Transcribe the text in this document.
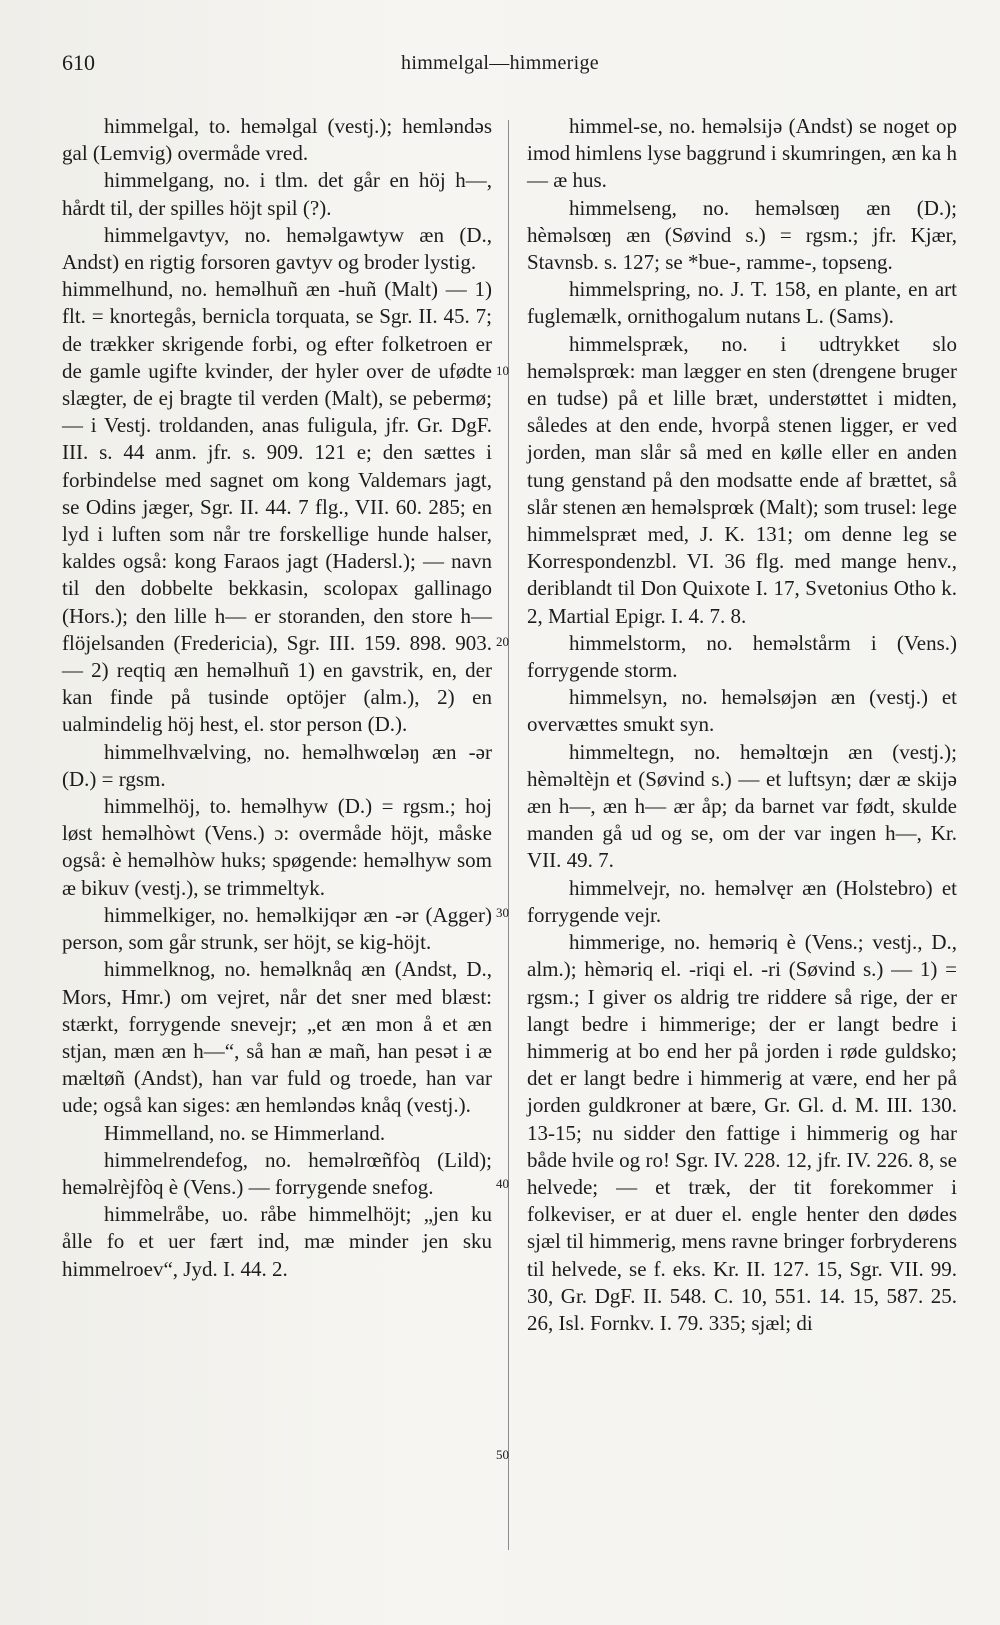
610	himmelgal—himmerige
10
20
30
40
50

himmelgal, to. hemәlgal (vestj.); hemlәndәs gal (Lemvig) overmåde vred.

himmelgang, no. i tlm. det går en höj h—, hårdt til, der spilles höjt spil (?).

himmelgavtyv, no. hemәlgawtyw æn (D., Andst) en rigtig forsoren gavtyv og broder lystig.

himmelhund, no. hemәlhuñ æn -huñ (Malt) — 1) flt. = knortegås, bernicla torquata, se Sgr. II. 45. 7; de trækker skrigende forbi, og efter folketroen er de gamle ugifte kvinder, der hyler over de ufødte slægter, de ej bragte til verden (Malt), se pebermø; — i Vestj. troldanden, anas fuligula, jfr. Gr. DgF. III. s. 44 anm. jfr. s. 909. 121 e; den sættes i forbindelse med sagnet om kong Valdemars jagt, se Odins jæger, Sgr. II. 44. 7 flg., VII. 60. 285; en lyd i luften som når tre forskellige hunde halser, kaldes også: kong Faraos jagt (Hadersl.); — navn til den dobbelte bekkasin, scolopax gallinago (Hors.); den lille h— er storanden, den store h— flöjelsanden (Fredericia), Sgr. III. 159. 898. 903. — 2) reqtiq æn hemәlhuñ 1) en gavstrik, en, der kan finde på tusinde optöjer (alm.), 2) en ualmindelig höj hest, el. stor person (D.).

himmelhvælving, no. hemәlhwœlәŋ æn -әr (D.) = rgsm.

himmelhöj, to. hemәlhyw (D.) = rgsm.; hoj løst hemәlhòwt (Vens.) ɔ: overmåde höjt, måske også: è hemәlhòw huks; spøgende: hemәlhyw som æ bikuv (vestj.), se trimmeltyk.

himmelkiger, no. hemәlkijqәr æn -әr (Agger) person, som går strunk, ser höjt, se kig-höjt.

himmelknog, no. hemәlknåq æn (Andst, D., Mors, Hmr.) om vejret, når det sner med blæst: stærkt, forrygende snevejr; „et æn mon å et æn stjan, mæn æn h—“, så han æ mañ, han pesәt i æ mæltøñ (Andst), han var fuld og troede, han var ude; også kan siges: æn hemlәndәs knåq (vestj.).

Himmelland, no. se Himmerland.

himmelrendefog, no. hemәlrœñfòq (Lild); hemәlrèjfòq è (Vens.) — forrygende snefog.

himmelråbe, uo. råbe himmelhöjt; „jen ku ålle fo et uer fært ind, mæ minder jen sku himmelroev“, Jyd. I. 44. 2.

himmel-se, no. hemәlsijә (Andst) se noget op imod himlens lyse baggrund i skumringen, æn ka h— æ hus.

himmelseng, no. hemәlsœŋ æn (D.); hèmәlsœŋ æn (Søvind s.) = rgsm.; jfr. Kjær, Stavnsb. s. 127; se *bue-, ramme-, topseng.

himmelspring, no. J. T. 158, en plante, en art fuglemælk, ornithogalum nutans L. (Sams).

himmelspræk, no. i udtrykket slo hemәlsprœk: man lægger en sten (drengene bruger en tudse) på et lille bræt, understøttet i midten, således at den ende, hvorpå stenen ligger, er ved jorden, man slår så med en kølle eller en anden tung genstand på den modsatte ende af brættet, så slår stenen æn hemәlsprœk (Malt); som trusel: lege himmelspræt med, J. K. 131; om denne leg se Korrespondenzbl. VI. 36 flg. med mange henv., deriblandt til Don Quixote I. 17, Svetonius Otho k. 2, Martial Epigr. I. 4. 7. 8.

himmelstorm, no. hemәlstårm i (Vens.) forrygende storm.

himmelsyn, no. hemәlsøjәn æn (vestj.) et overvættes smukt syn.

himmeltegn, no. hemәltœjn æn (vestj.); hèmәltèjn et (Søvind s.) — et luftsyn; dær æ skijә æn h—, æn h— ær åp; da barnet var født, skulde manden gå ud og se, om der var ingen h—, Kr. VII. 49. 7.

himmelvejr, no. hemәlvęr æn (Holstebro) et forrygende vejr.

himmerige, no. hemәriq è (Vens.; vestj., D., alm.); hèmәriq el. -riqi el. -ri (Søvind s.) — 1) = rgsm.; I giver os aldrig tre riddere så rige, der er langt bedre i himmerige; der er langt bedre i himmerig at bo end her på jorden i røde guldsko; det er langt bedre i himmerig at være, end her på jorden guldkroner at bære, Gr. Gl. d. M. III. 130. 13-15; nu sidder den fattige i himmerig og har både hvile og ro! Sgr. IV. 228. 12, jfr. IV. 226. 8, se helvede; — et træk, der tit forekommer i folkeviser, er at duer el. engle henter den dødes sjæl til himmerig, mens ravne bringer forbryderens til helvede, se f. eks. Kr. II. 127. 15, Sgr. VII. 99. 30, Gr. DgF. II. 548. C. 10, 551. 14. 15, 587. 25. 26, Isl. Fornkv. I. 79. 335; sjæl; di
